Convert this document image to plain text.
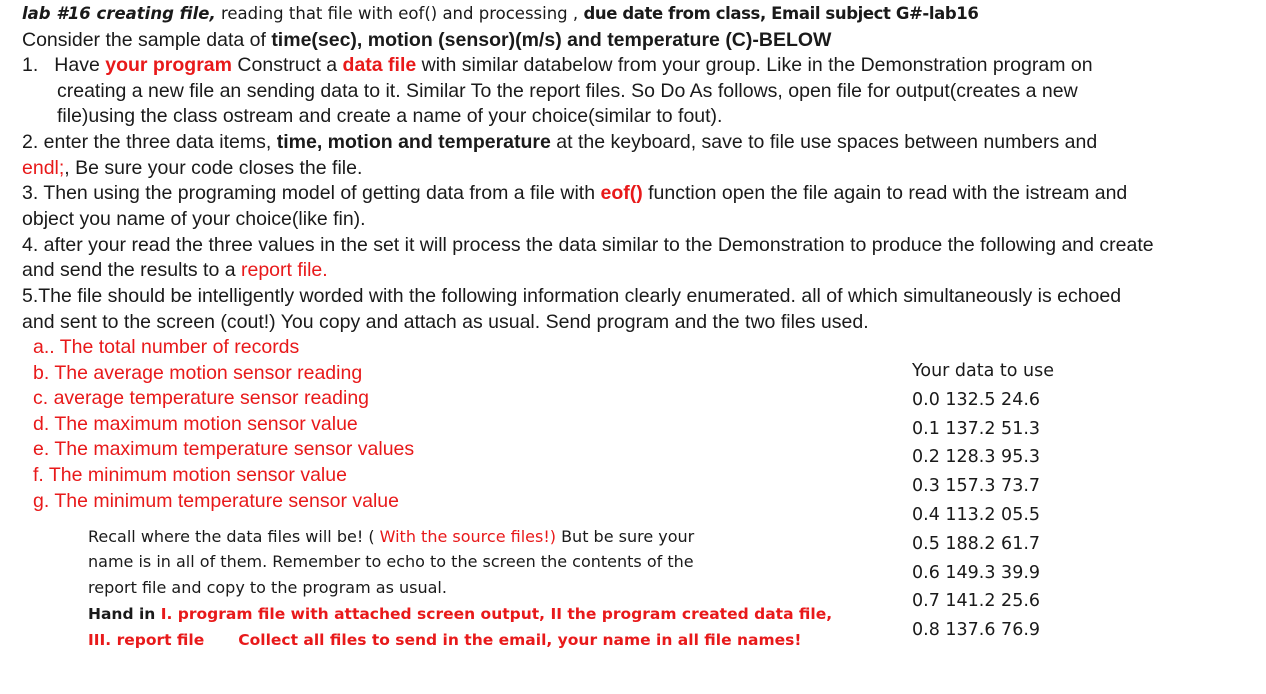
lab #16 creating file, reading that file with eof() and processing , due date from class, Email subject G#-lab16
Consider the sample data of time(sec), motion (sensor)(m/s) and temperature (C)-BELOW
1. Have your program Construct a data file with similar databelow from your group. Like in the Demonstration program on
creating a new file an sending data to it. Similar To the report files. So Do As follows, open file for output(creates a new
file)using the class ostream and create a name of your choice(similar to fout).
2. enter the three data items, time, motion and temperature at the keyboard, save to file use spaces between numbers and
endl;, Be sure your code closes the file.
3. Then using the programing model of getting data from a file with eof() function open the file again to read with the istream and
object you name of your choice(like fin).
4. after your read the three values in the set it will process the data similar to the Demonstration to produce the following and create
and send the results to a report file.
5.The file should be intelligently worded with the following information clearly enumerated. all of which simultaneously is echoed
and sent to the screen (cout!) You copy and attach as usual. Send program and the two files used.
a.. The total number of records
b. The average motion sensor reading
c. average temperature sensor reading
d. The maximum motion sensor value
e. The maximum temperature sensor values
f. The minimum motion sensor value
g. The minimum temperature sensor value
Recall where the data files will be! ( With the source files!) But be sure your
name is in all of them. Remember to echo to the screen the contents of the
report file and copy to the program as usual.
Hand in I. program file with attached screen output, II the program created data file,
III. report file Collect all files to send in the email, your name in all file names!
Your data to use
0.0 132.5 24.6
0.1 137.2 51.3
0.2 128.3 95.3
0.3 157.3 73.7
0.4 113.2 05.5
0.5 188.2 61.7
0.6 149.3 39.9
0.7 141.2 25.6
0.8 137.6 76.9
